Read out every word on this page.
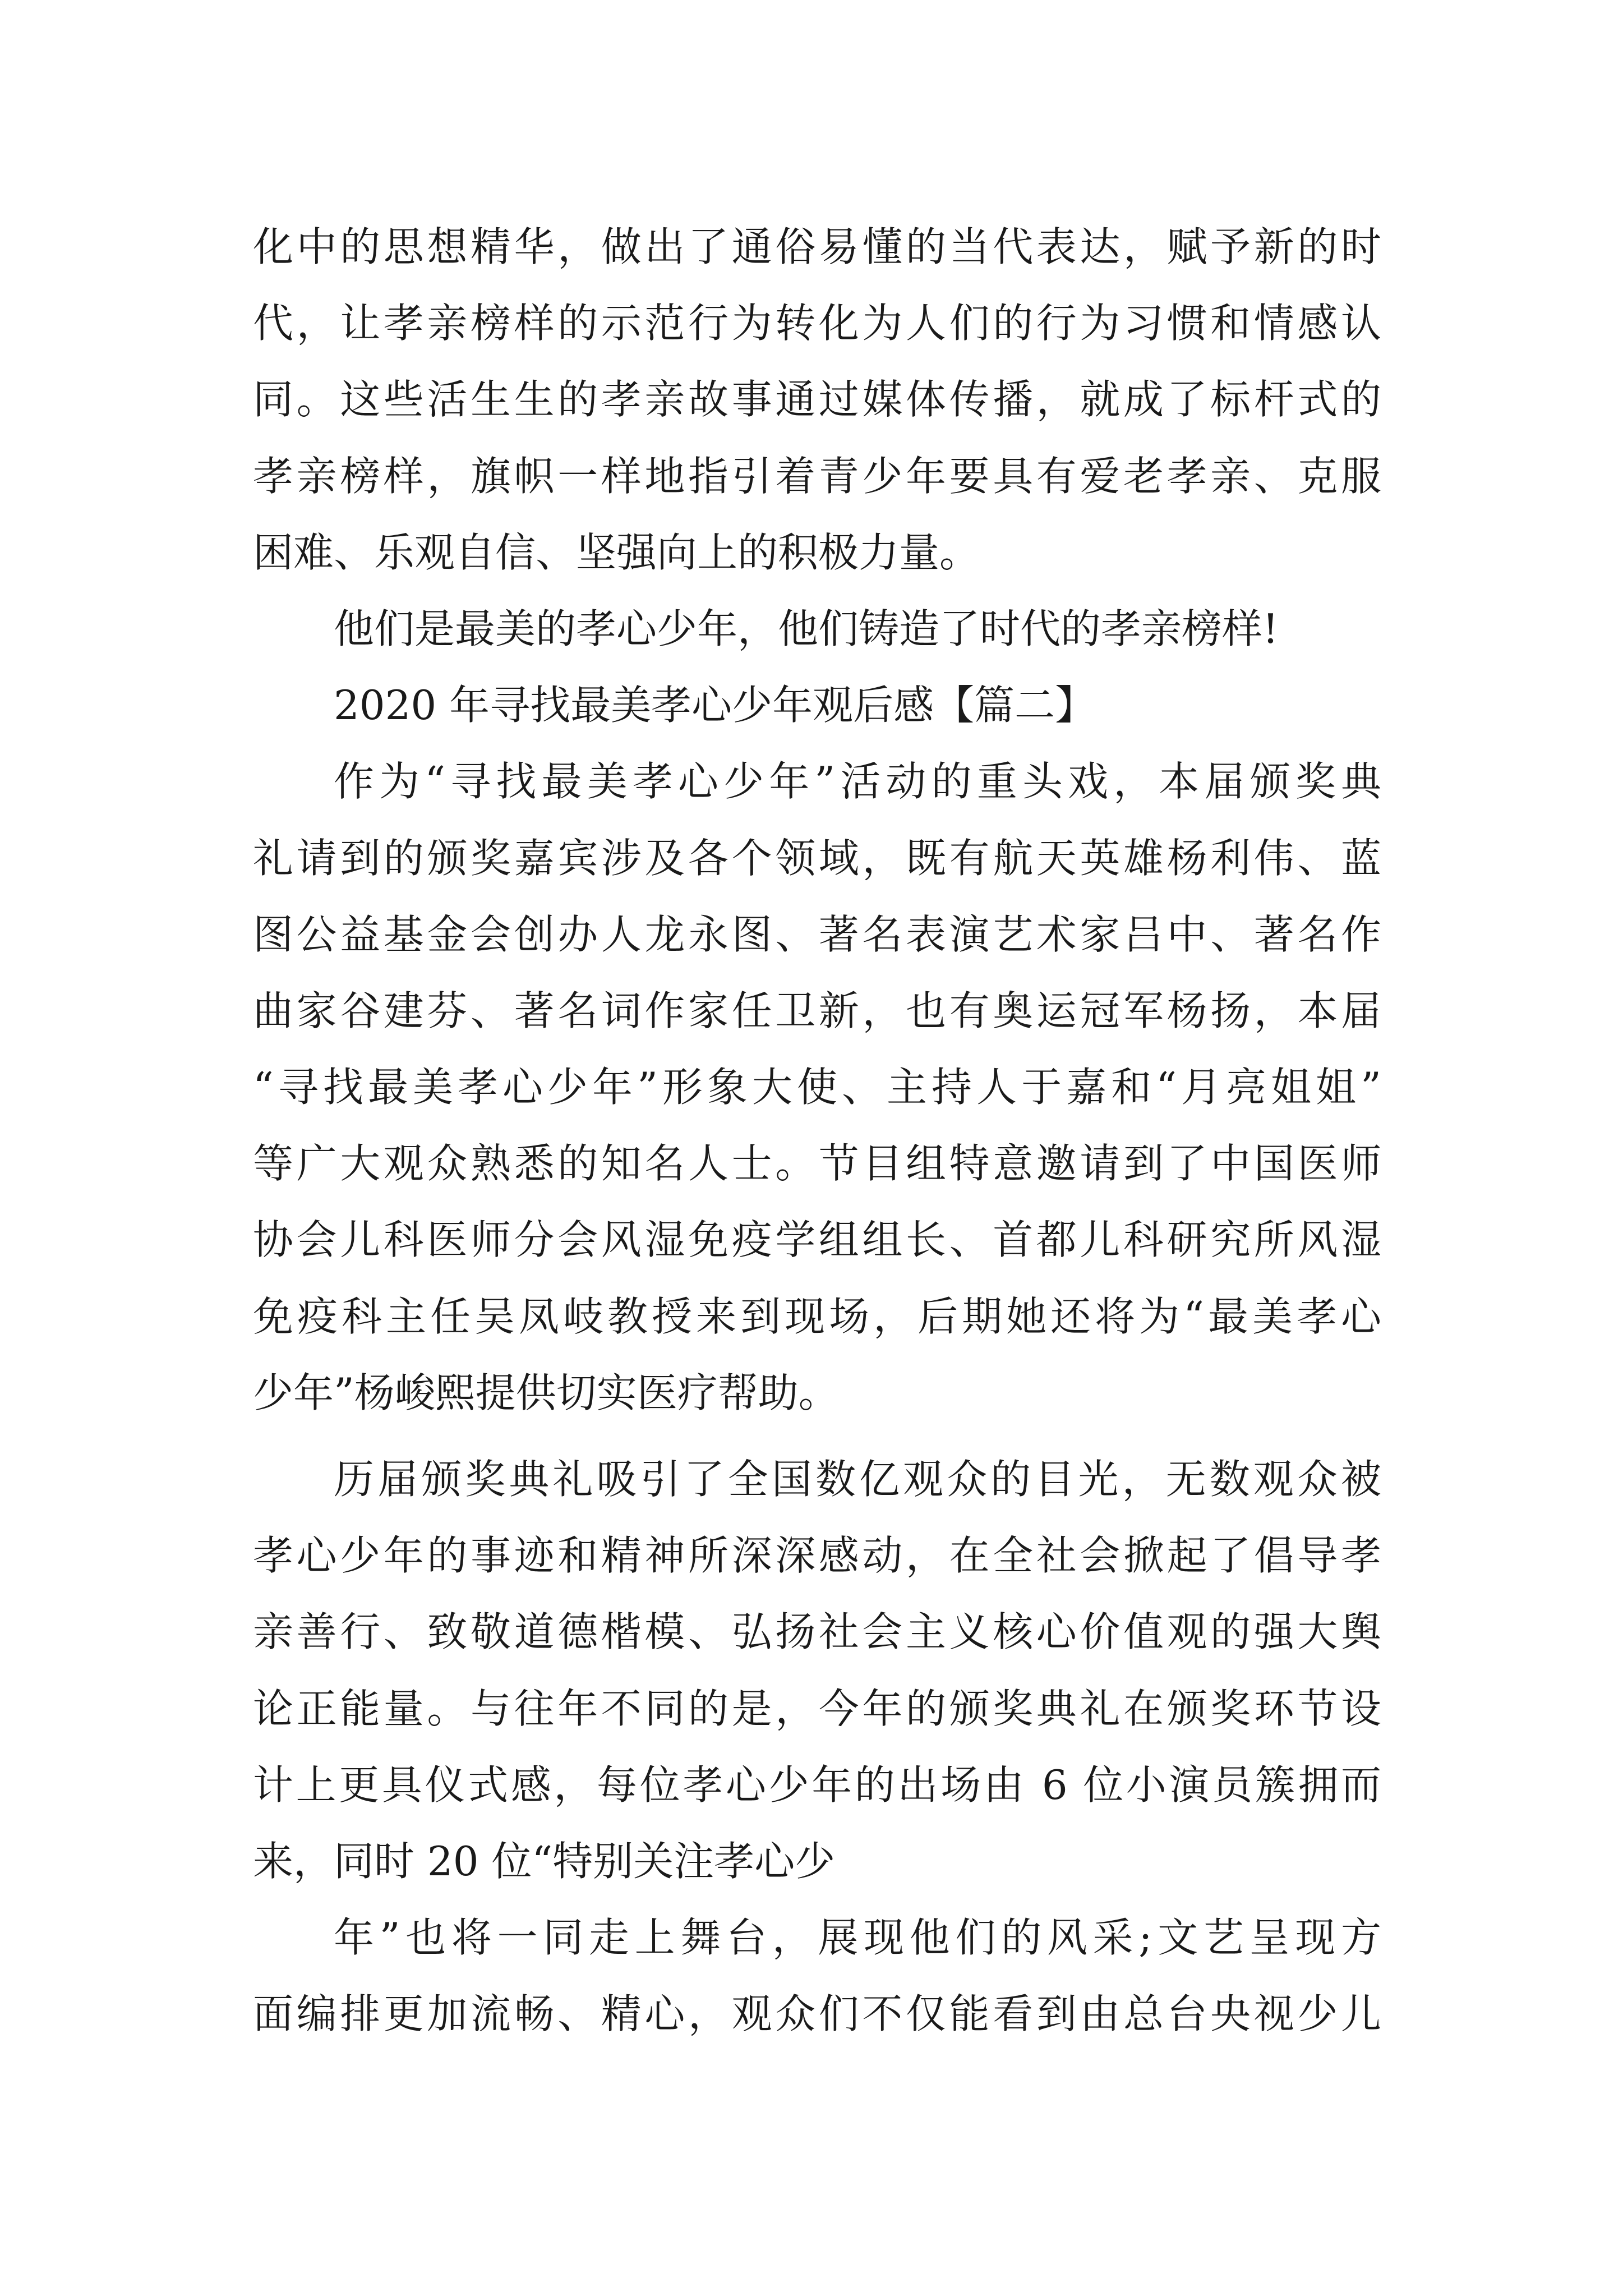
化中的思想精华，做出了通俗易懂的当代表达，赋予新的时
代，让孝亲榜样的示范行为转化为人们的行为习惯和情感认
同。这些活生生的孝亲故事通过媒体传播，就成了标杆式的
孝亲榜样，旗帜一样地指引着青少年要具有爱老孝亲、克服
困难、乐观自信、坚强向上的积极力量。
他们是最美的孝心少年，他们铸造了时代的孝亲榜样!
2020 年寻找最美孝心少年观后感【篇二】
作为“寻找最美孝心少年”活动的重头戏，本届颁奖典
礼请到的颁奖嘉宾涉及各个领域，既有航天英雄杨利伟、蓝
图公益基金会创办人龙永图、著名表演艺术家吕中、著名作
曲家谷建芬、著名词作家任卫新，也有奥运冠军杨扬，本届
“寻找最美孝心少年”形象大使、主持人于嘉和“月亮姐姐”
等广大观众熟悉的知名人士。节目组特意邀请到了中国医师
协会儿科医师分会风湿免疫学组组长、首都儿科研究所风湿
免疫科主任吴凤岐教授来到现场，后期她还将为“最美孝心
少年”杨峻熙提供切实医疗帮助。
历届颁奖典礼吸引了全国数亿观众的目光，无数观众被
孝心少年的事迹和精神所深深感动，在全社会掀起了倡导孝
亲善行、致敬道德楷模、弘扬社会主义核心价值观的强大舆
论正能量。与往年不同的是，今年的颁奖典礼在颁奖环节设
计上更具仪式感，每位孝心少年的出场由 6 位小演员簇拥而
来，同时 20 位“特别关注孝心少
年”也将一同走上舞台，展现他们的风采;文艺呈现方
面编排更加流畅、精心，观众们不仅能看到由总台央视少儿
